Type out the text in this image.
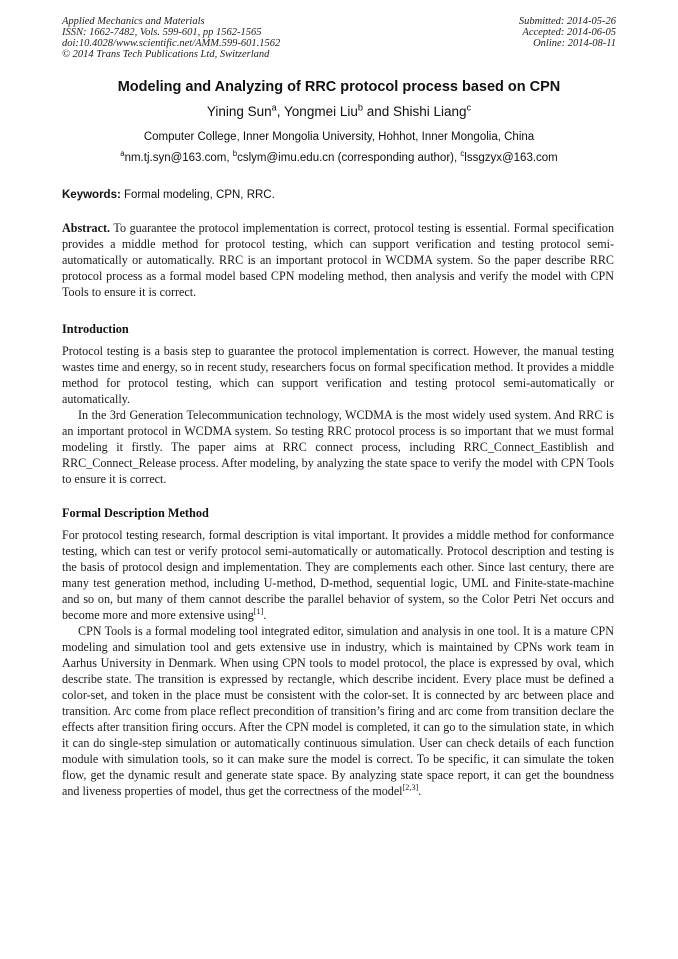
Applied Mechanics and Materials
ISSN: 1662-7482, Vols. 599-601, pp 1562-1565
doi:10.4028/www.scientific.net/AMM.599-601.1562
© 2014 Trans Tech Publications Ltd, Switzerland
Submitted: 2014-05-26
Accepted: 2014-06-05
Online: 2014-08-11
Modeling and Analyzing of RRC protocol process based on CPN
Yining Sun$^a$, Yongmei Liu$^b$ and Shishi Liang$^c$
Computer College, Inner Mongolia University, Hohhot, Inner Mongolia, China
$^a$nm.tj.syn@163.com, $^b$cslym@imu.edu.cn (corresponding author), $^c$lssgzyx@163.com
Keywords: Formal modeling, CPN, RRC.

Abstract. To guarantee the protocol implementation is correct, protocol testing is essential. Formal specification provides a middle method for protocol testing, which can support verification and testing protocol semi-automatically or automatically. RRC is an important protocol in WCDMA system. So the paper describe RRC protocol process as a formal model based CPN modeling method, then analysis and verify the model with CPN Tools to ensure it is correct.

Introduction

Protocol testing is a basis step to guarantee the protocol implementation is correct. However, the manual testing wastes time and energy, so in recent study, researchers focus on formal specification method. It provides a middle method for protocol testing, which can support verification and testing protocol semi-automatically or automatically.

In the 3rd Generation Telecommunication technology, WCDMA is the most widely used system. And RRC is an important protocol in WCDMA system. So testing RRC protocol process is so important that we must formal modeling it firstly. The paper aims at RRC connect process, including RRC_Connect_Eastiblish and RRC_Connect_Release process. After modeling, by analyzing the state space to verify the model with CPN Tools to ensure it is correct.

Formal Description Method

For protocol testing research, formal description is vital important. It provides a middle method for conformance testing, which can test or verify protocol semi-automatically or automatically. Protocol description and testing is the basis of protocol design and implementation. They are complements each other. Since last century, there are many test generation method, including U-method, D-method, sequential logic, UML and Finite-state-machine and so on, but many of them cannot describe the parallel behavior of system, so the Color Petri Net occurs and become more and more extensive using[1].

CPN Tools is a formal modeling tool integrated editor, simulation and analysis in one tool. It is a mature CPN modeling and simulation tool and gets extensive use in industry, which is maintained by CPNs work team in Aarhus University in Denmark. When using CPN tools to model protocol, the place is expressed by oval, which describe state. The transition is expressed by rectangle, which describe incident. Every place must be defined a color-set, and token in the place must be consistent with the color-set. It is connected by arc between place and transition. Arc come from place reflect precondition of transition’s firing and arc come from transition declare the effects after transition firing occurs. After the CPN model is completed, it can go to the simulation state, in which it can do single-step simulation or automatically continuous simulation. User can check details of each function module with simulation tools, so it can make sure the model is correct. To be specific, it can simulate the token flow, get the dynamic result and generate state space. By analyzing state space report, it can get the boundness and liveness properties of model, thus get the correctness of the model[2,3].
